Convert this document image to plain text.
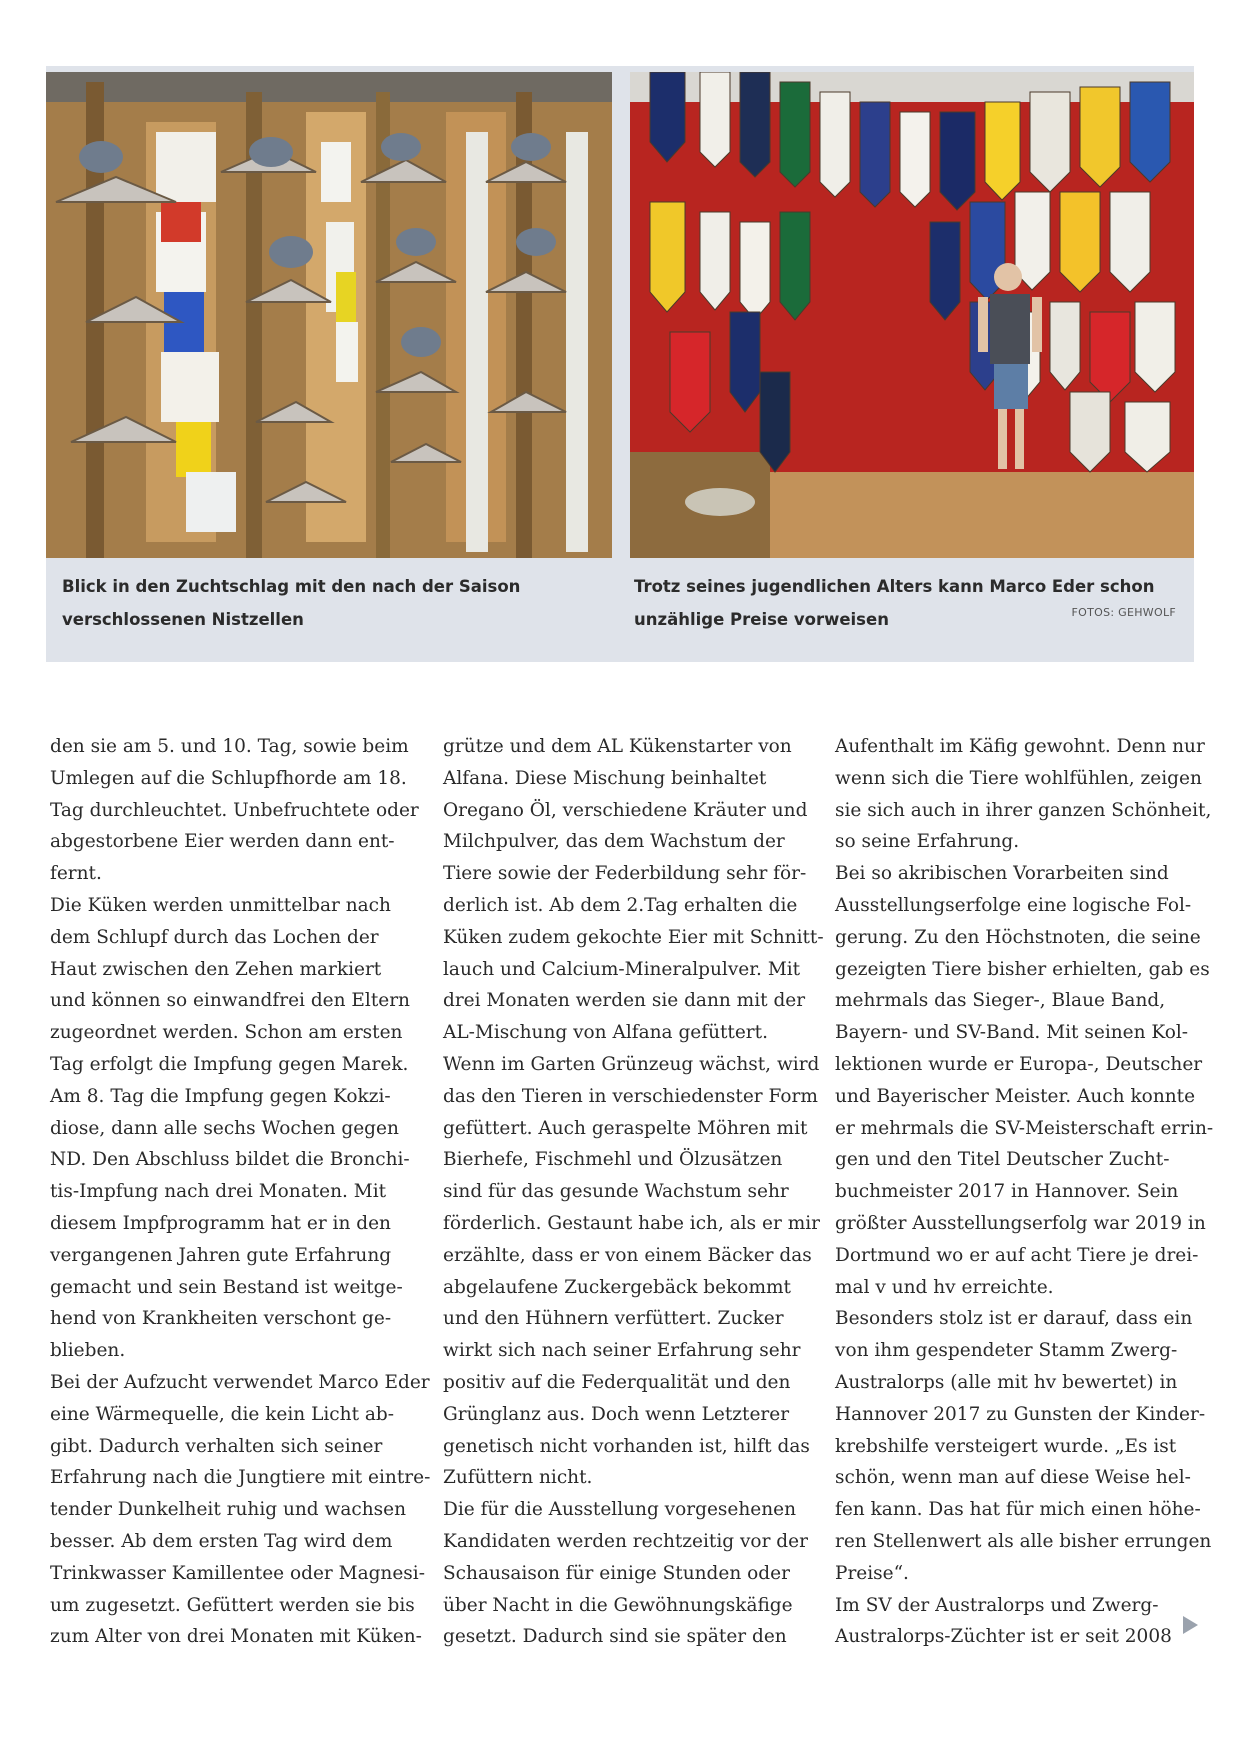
Blick in den Zuchtschlag mit den nach der Saison verschlossenen Nistzellen
Trotz seines jugendlichen Alters kann Marco Eder schon unzählige Preise vorweisen	FOTOS: GEHWOLF
den sie am 5. und 10. Tag, sowie beim
Umlegen auf die Schlupfhorde am 18.
Tag durchleuchtet. Unbefruchtete oder
abgestorbene Eier werden dann ent-
fernt.
Die Küken werden unmittelbar nach
dem Schlupf durch das Lochen der
Haut zwischen den Zehen markiert
und können so einwandfrei den Eltern
zugeordnet werden. Schon am ersten
Tag erfolgt die Impfung gegen Marek.
Am 8. Tag die Impfung gegen Kokzi-
diose, dann alle sechs Wochen gegen
ND. Den Abschluss bildet die Bronchi-
tis-Impfung nach drei Monaten. Mit
diesem Impfprogramm hat er in den
vergangenen Jahren gute Erfahrung
gemacht und sein Bestand ist weitge-
hend von Krankheiten verschont ge-
blieben.
Bei der Aufzucht verwendet Marco Eder
eine Wärmequelle, die kein Licht ab-
gibt. Dadurch verhalten sich seiner
Erfahrung nach die Jungtiere mit eintre-
tender Dunkelheit ruhig und wachsen
besser. Ab dem ersten Tag wird dem
Trinkwasser Kamillentee oder Magnesi-
um zugesetzt. Gefüttert werden sie bis
zum Alter von drei Monaten mit Küken-
grütze und dem AL Kükenstarter von
Alfana. Diese Mischung beinhaltet
Oregano Öl, verschiedene Kräuter und
Milchpulver, das dem Wachstum der
Tiere sowie der Federbildung sehr för-
derlich ist. Ab dem 2.Tag erhalten die
Küken zudem gekochte Eier mit Schnitt-
lauch und Calcium-Mineralpulver. Mit
drei Monaten werden sie dann mit der
AL-Mischung von Alfana gefüttert.
Wenn im Garten Grünzeug wächst, wird
das den Tieren in verschiedenster Form
gefüttert. Auch geraspelte Möhren mit
Bierhefe, Fischmehl und Ölzusätzen
sind für das gesunde Wachstum sehr
förderlich. Gestaunt habe ich, als er mir
erzählte, dass er von einem Bäcker das
abgelaufene Zuckergebäck bekommt
und den Hühnern verfüttert. Zucker
wirkt sich nach seiner Erfahrung sehr
positiv auf die Federqualität und den
Grünglanz aus. Doch wenn Letzterer
genetisch nicht vorhanden ist, hilft das
Zufüttern nicht.
Die für die Ausstellung vorgesehenen
Kandidaten werden rechtzeitig vor der
Schausaison für einige Stunden oder
über Nacht in die Gewöhnungskäfige
gesetzt. Dadurch sind sie später den
Aufenthalt im Käfig gewohnt. Denn nur
wenn sich die Tiere wohlfühlen, zeigen
sie sich auch in ihrer ganzen Schönheit,
so seine Erfahrung.
Bei so akribischen Vorarbeiten sind
Ausstellungserfolge eine logische Fol-
gerung. Zu den Höchstnoten, die seine
gezeigten Tiere bisher erhielten, gab es
mehrmals das Sieger-, Blaue Band,
Bayern- und SV-Band. Mit seinen Kol-
lektionen wurde er Europa-, Deutscher
und Bayerischer Meister. Auch konnte
er mehrmals die SV-Meisterschaft errin-
gen und den Titel Deutscher Zucht-
buchmeister 2017 in Hannover. Sein
größter Ausstellungserfolg war 2019 in
Dortmund wo er auf acht Tiere je drei-
mal v und hv erreichte.
Besonders stolz ist er darauf, dass ein
von ihm gespendeter Stamm Zwerg-
Australorps (alle mit hv bewertet) in
Hannover 2017 zu Gunsten der Kinder-
krebshilfe versteigert wurde. „Es ist
schön, wenn man auf diese Weise hel-
fen kann. Das hat für mich einen höhe-
ren Stellenwert als alle bisher errungen
Preise“.
Im SV der Australorps und Zwerg-
Australorps-Züchter ist er seit 2008
